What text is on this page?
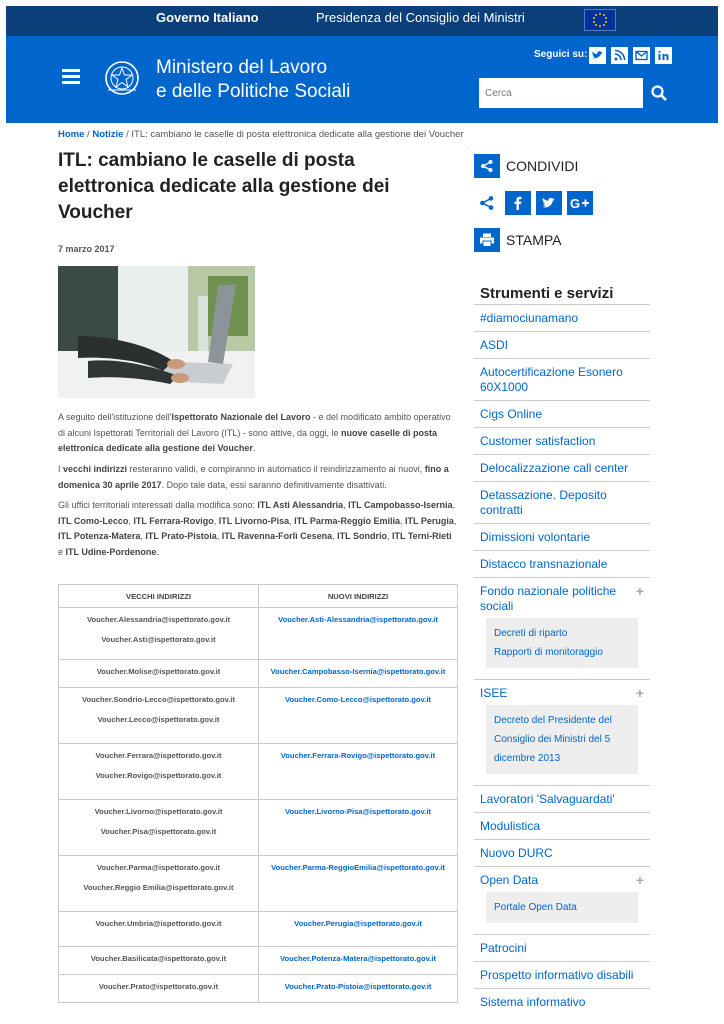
Governo Italiano	Presidenza del Consiglio dei Ministri
Ministero del Lavoro
e delle Politiche Sociali
Seguici su:
Cerca
Home / Notizie / ITL: cambiano le caselle di posta elettronica dedicate alla gestione dei Voucher
ITL: cambiano le caselle di posta elettronica dedicate alla gestione dei Voucher
7 marzo 2017

A seguito dell'istituzione dell'Ispettorato Nazionale del Lavoro - e del modificato ambito operativo di alcuni Ispettorati Territoriali del Lavoro (ITL) - sono attive, da oggi, le nuove caselle di posta elettronica dedicate alla gestione dei Voucher.

I vecchi indirizzi resteranno validi, e compiranno in automatico il reindirizzamento ai nuovi, fino a domenica 30 aprile 2017. Dopo tale data, essi saranno definitivamente disattivati.

Gli uffici territoriali interessati dalla modifica sono: ITL Asti Alessandria, ITL Campobasso-Isernia, ITL Como-Lecco, ITL Ferrara-Rovigo, ITL Livorno-Pisa, ITL Parma-Reggio Emilia, ITL Perugia, ITL Potenza-Matera, ITL Prato-Pistoia, ITL Ravenna-Forlì Cesena, ITL Sondrio, ITL Terni-Rieti e ITL Udine-Pordenone.

VECCHI INDIRIZZI	NUOVI INDIRIZZI

Voucher.Alessandria@ispettorato.gov.it
Voucher.Asti@ispettorato.gov.it	Voucher.Asti-Alessandria@ispettorato.gov.it

Voucher.Molise@ispettorato.gov.it	Voucher.Campobasso-Isernia@ispettorato.gov.it

Voucher.Sondrio-Lecco@ispettorato.gov.it
Voucher.Lecco@ispettorato.gov.it	Voucher.Como-Lecco@ispettorato.gov.it

Voucher.Ferrara@ispettorato.gov.it
Voucher.Rovigo@ispettorato.gov.it	Voucher.Ferrara-Rovigo@ispettorato.gov.it

Voucher.Livorno@ispettorato.gov.it
Voucher.Pisa@ispettorato.gov.it	Voucher.Livorno-Pisa@ispettorato.gov.it

Voucher.Parma@ispettorato.gov.it
Voucher.Reggio Emilia@ispettorato.gov.it	Voucher.Parma-ReggioEmilia@ispettorato.gov.it

Voucher.Umbria@ispettorato.gov.it	Voucher.Perugia@ispettorato.gov.it

Voucher.Basilicata@ispettorato.gov.it	Voucher.Potenza-Matera@ispettorato.gov.it

Voucher.Prato@ispettorato.gov.it	Voucher.Prato-Pistoia@ispettorato.gov.it
CONDIVIDI
G
STAMPA
Strumenti e servizi
#diamociunamano
ASDI
Autocertificazione Esonero 60X1000
Cigs Online
Customer satisfaction
Delocalizzazione call center
Detassazione. Deposito contratti
Dimissioni volontarie
Distacco transnazionale
Fondo nazionale politiche sociali
+
Decreti di riparto
Rapporti di monitoraggio
ISEE	+
Decreto del Presidente del Consiglio dei Ministri del 5 dicembre 2013
Lavoratori 'Salvaguardati'
Modulistica
Nuovo DURC
Open Data	+
Portale Open Data
Patrocini
Prospetto informativo disabili
Sistema informativo
